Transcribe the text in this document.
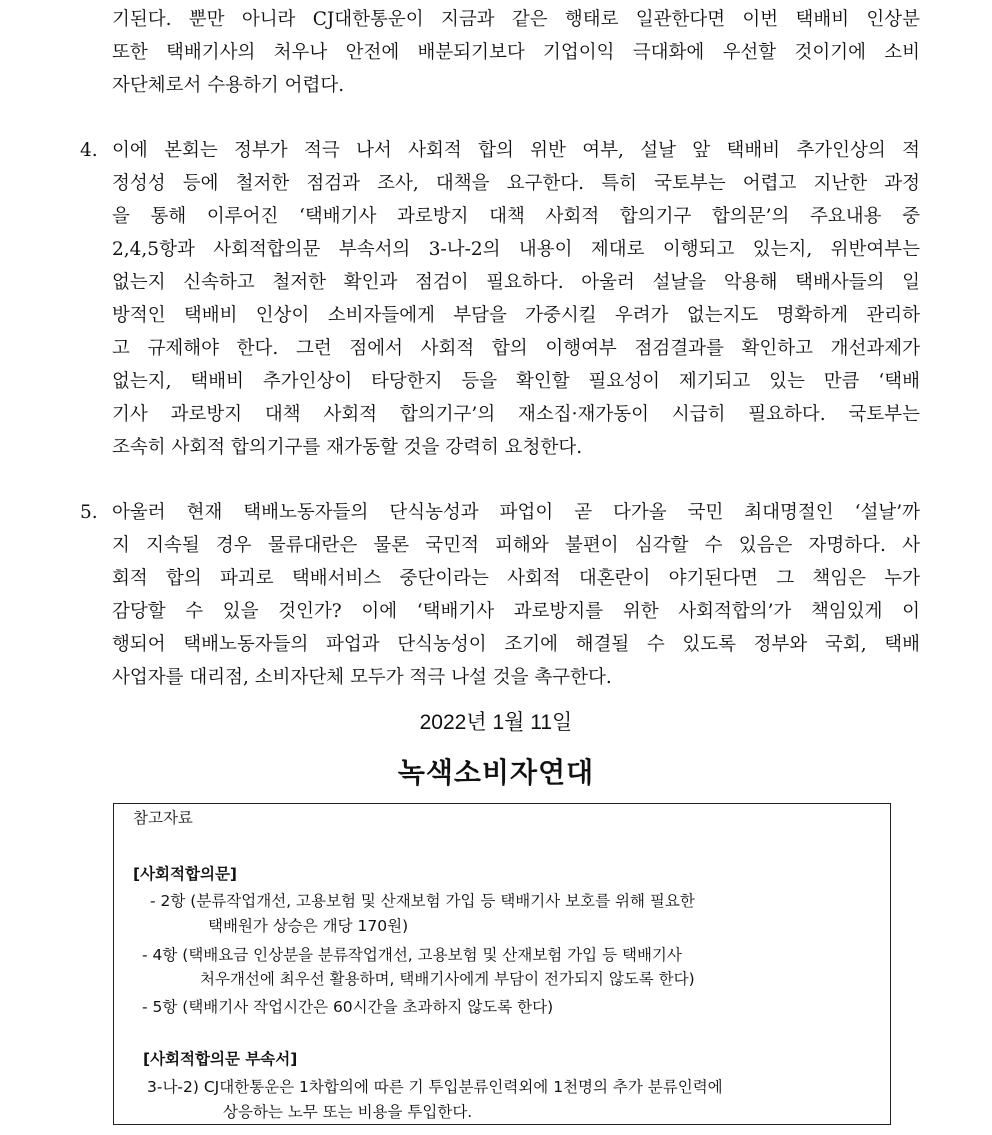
기된다. 뿐만 아니라 CJ대한통운이 지금과 같은 행태로 일관한다면 이번 택배비 인상분
또한 택배기사의 처우나 안전에 배분되기보다 기업이익 극대화에 우선할 것이기에 소비
자단체로서 수용하기 어렵다.
4. 이에 본회는 정부가 적극 나서 사회적 합의 위반 여부, 설날 앞 택배비 추가인상의 적
정성성 등에 철저한 점검과 조사, 대책을 요구한다. 특히 국토부는 어렵고 지난한 과정
을 통해 이루어진 ‘택배기사 과로방지 대책 사회적 합의기구 합의문’의 주요내용 중
2,4,5항과 사회적합의문 부속서의 3-나-2의 내용이 제대로 이행되고 있는지, 위반여부는
없는지 신속하고 철저한 확인과 점검이 필요하다. 아울러 설날을 악용해 택배사들의 일
방적인 택배비 인상이 소비자들에게 부담을 가중시킬 우려가 없는지도 명확하게 관리하
고 규제해야 한다. 그런 점에서 사회적 합의 이행여부 점검결과를 확인하고 개선과제가
없는지, 택배비 추가인상이 타당한지 등을 확인할 필요성이 제기되고 있는 만큼 ‘택배
기사 과로방지 대책 사회적 합의기구’의 재소집·재가동이 시급히 필요하다. 국토부는
조속히 사회적 합의기구를 재가동할 것을 강력히 요청한다.
5. 아울러 현재 택배노동자들의 단식농성과 파업이 곧 다가올 국민 최대명절인 ‘설날’까
지 지속될 경우 물류대란은 물론 국민적 피해와 불편이 심각할 수 있음은 자명하다. 사
회적 합의 파괴로 택배서비스 중단이라는 사회적 대혼란이 야기된다면 그 책임은 누가
감당할 수 있을 것인가? 이에 ‘택배기사 과로방지를 위한 사회적합의’가 책임있게 이
행되어 택배노동자들의 파업과 단식농성이 조기에 해결될 수 있도록 정부와 국회, 택배
사업자를 대리점, 소비자단체 모두가 적극 나설 것을 촉구한다.
2022년 1월 11일
녹색소비자연대
참고자료
[사회적합의문]
- 2항 (분류작업개선, 고용보험 및 산재보험 가입 등 택배기사 보호를 위해 필요한
택배원가 상승은 개당 170원)
- 4항 (택배요금 인상분을 분류작업개선, 고용보험 및 산재보험 가입 등 택배기사
처우개선에 최우선 활용하며, 택배기사에게 부담이 전가되지 않도록 한다)
- 5항 (택배기사 작업시간은 60시간을 초과하지 않도록 한다)
[사회적합의문 부속서]
3-나-2) CJ대한통운은 1차합의에 따른 기 투입분류인력외에 1천명의 추가 분류인력에
상응하는 노무 또는 비용을 투입한다.
